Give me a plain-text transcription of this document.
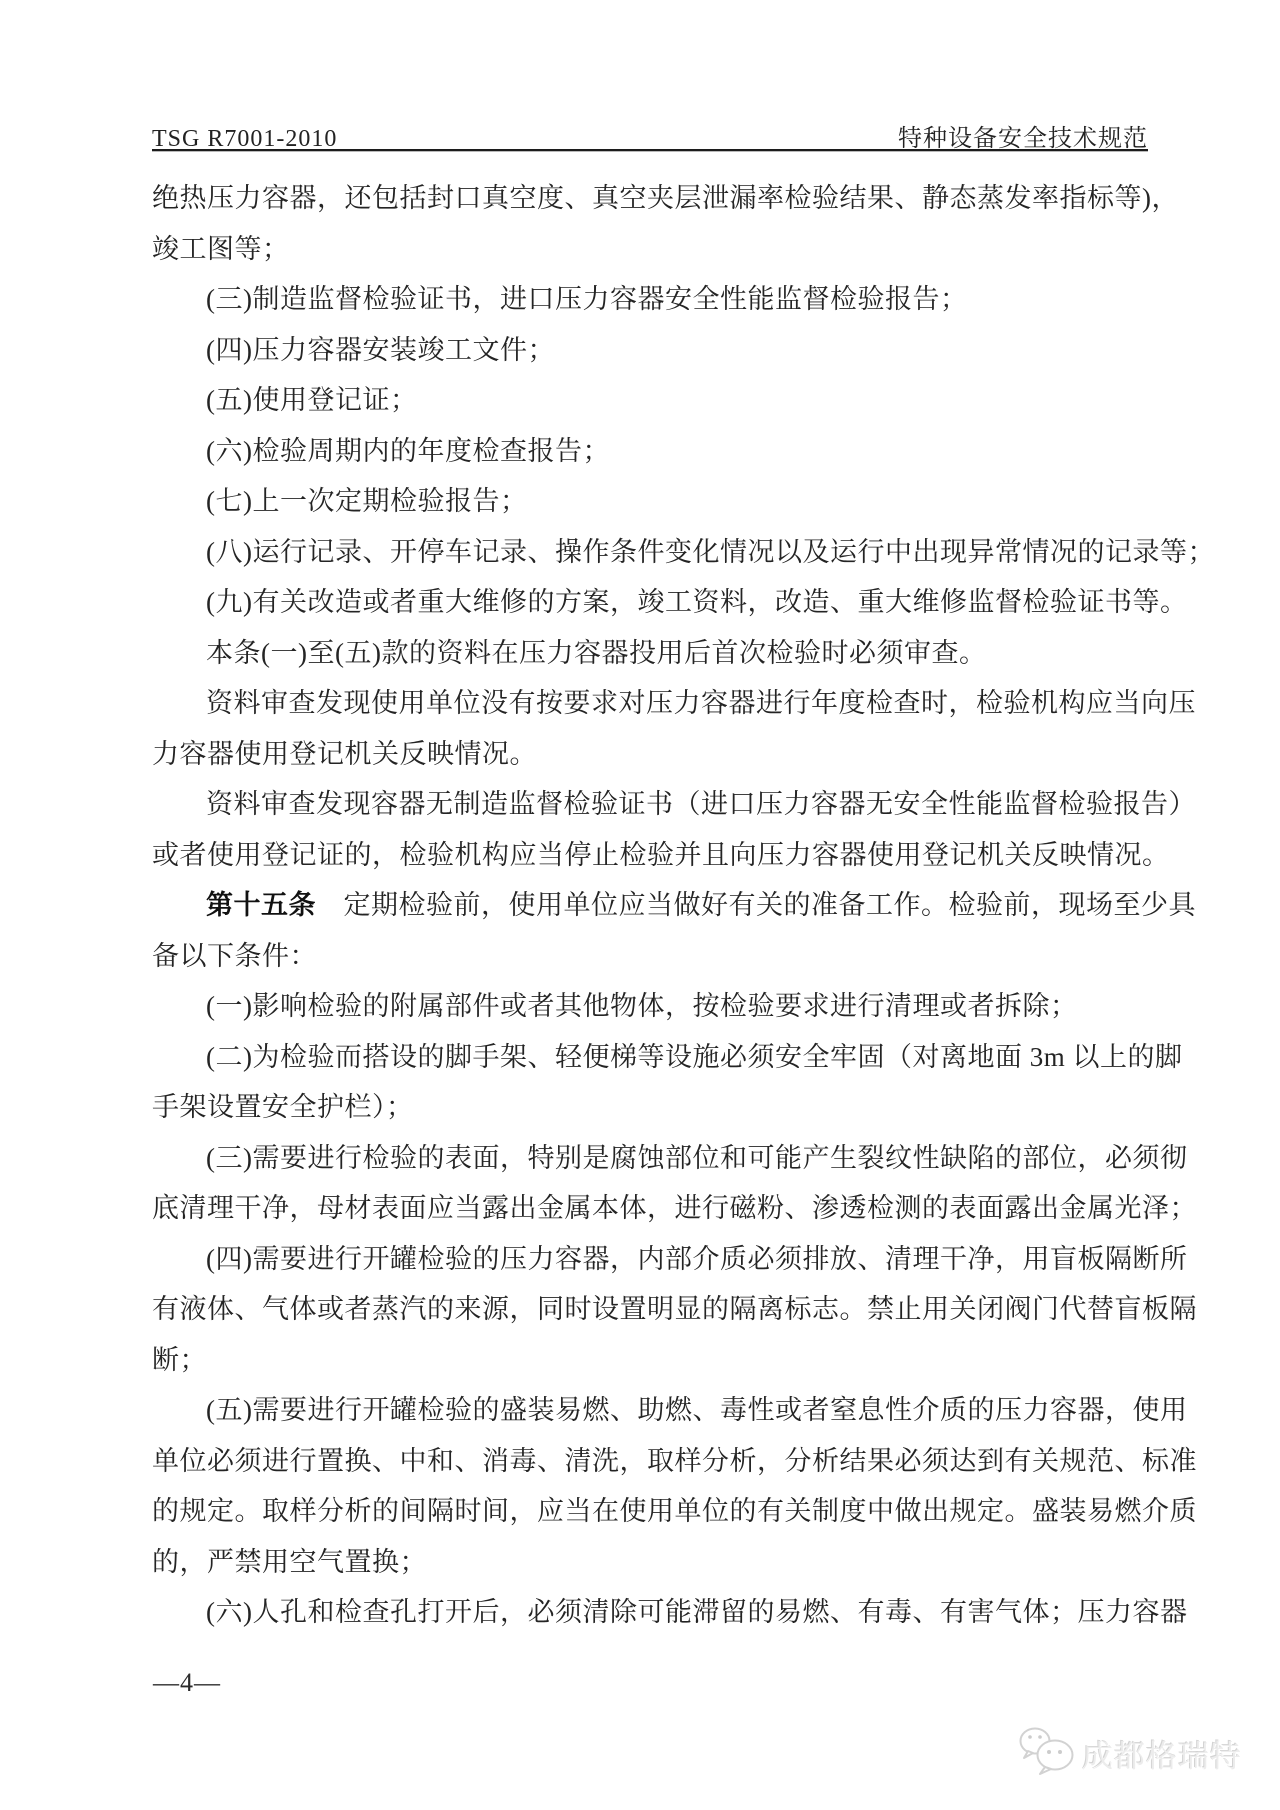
TSG R7001-2010	特种设备安全技术规范
绝热压力容器，还包括封口真空度、真空夹层泄漏率检验结果、静态蒸发率指标等)，
竣工图等；
(三)制造监督检验证书，进口压力容器安全性能监督检验报告；
(四)压力容器安装竣工文件；
(五)使用登记证；
(六)检验周期内的年度检查报告；
(七)上一次定期检验报告；
(八)运行记录、开停车记录、操作条件变化情况以及运行中出现异常情况的记录等；
(九)有关改造或者重大维修的方案，竣工资料，改造、重大维修监督检验证书等。
本条(一)至(五)款的资料在压力容器投用后首次检验时必须审查。
资料审查发现使用单位没有按要求对压力容器进行年度检查时，检验机构应当向压
力容器使用登记机关反映情况。
资料审查发现容器无制造监督检验证书（进口压力容器无安全性能监督检验报告）
或者使用登记证的，检验机构应当停止检验并且向压力容器使用登记机关反映情况。
第十五条　定期检验前，使用单位应当做好有关的准备工作。检验前，现场至少具
备以下条件：
(一)影响检验的附属部件或者其他物体，按检验要求进行清理或者拆除；
(二)为检验而搭设的脚手架、轻便梯等设施必须安全牢固（对离地面 3m 以上的脚
手架设置安全护栏）；
(三)需要进行检验的表面，特别是腐蚀部位和可能产生裂纹性缺陷的部位，必须彻
底清理干净，母材表面应当露出金属本体，进行磁粉、渗透检测的表面露出金属光泽；
(四)需要进行开罐检验的压力容器，内部介质必须排放、清理干净，用盲板隔断所
有液体、气体或者蒸汽的来源，同时设置明显的隔离标志。禁止用关闭阀门代替盲板隔
断；
(五)需要进行开罐检验的盛装易燃、助燃、毒性或者窒息性介质的压力容器，使用
单位必须进行置换、中和、消毒、清洗，取样分析，分析结果必须达到有关规范、标准
的规定。取样分析的间隔时间，应当在使用单位的有关制度中做出规定。盛装易燃介质
的，严禁用空气置换；
(六)人孔和检查孔打开后，必须清除可能滞留的易燃、有毒、有害气体；压力容器
—4—
成都格瑞特
